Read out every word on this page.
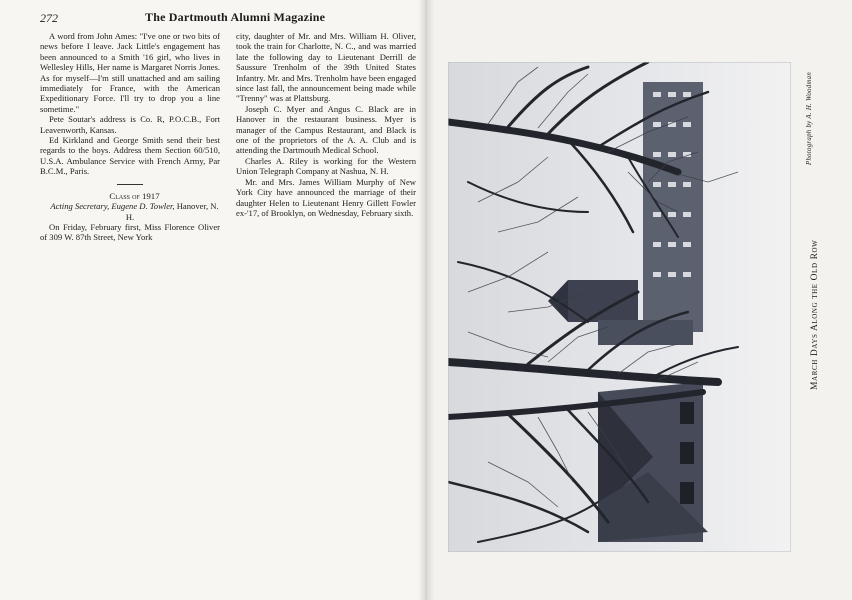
272	The Dartmouth Alumni Magazine

A word from John Ames: "I've one or two bits of news before I leave. Jack Little's engagement has been announced to a Smith '16 girl, who lives in Wellesley Hills, Her name is Margaret Norris Jones. As for myself—I'm still unattached and am sailing immediately for France, with the American Expeditionary Force. I'll try to drop you a line sometime."

Pete Soutar's address is Co. R, P.O.C.B., Fort Leavenworth, Kansas.

Ed Kirkland and George Smith send their best regards to the boys. Address them Section 60/510, U.S.A. Ambulance Service with French Army, Par B.C.M., Paris.

Class of 1917

Acting Secretary, Eugene D. Towler, Hanover, N. H.

On Friday, February first, Miss Florence Oliver of 309 W. 87th Street, New York

city, daughter of Mr. and Mrs. William H. Oliver, took the train for Charlotte, N. C., and was married late the following day to Lieutenant Derrill de Saussure Trenholm of the 39th United States Infantry. Mr. and Mrs. Trenholm have been engaged since last fall, the announcement being made while "Trenny" was at Plattsburg.

Joseph C. Myer and Angus C. Black are in Hanover in the restaurant business. Myer is manager of the Campus Restaurant, and Black is one of the proprietors of the A. A. Club and is attending the Dartmouth Medical School.

Charles A. Riley is working for the Western Union Telegraph Company at Nashua, N. H.

Mr. and Mrs. James William Murphy of New York City have announced the marriage of their daughter Helen to Lieutenant Henry Gillett Fowler ex-'17, of Brooklyn, on Wednesday, February sixth.

Photograph by A. H. Woodman
March Days Along the Old Row
